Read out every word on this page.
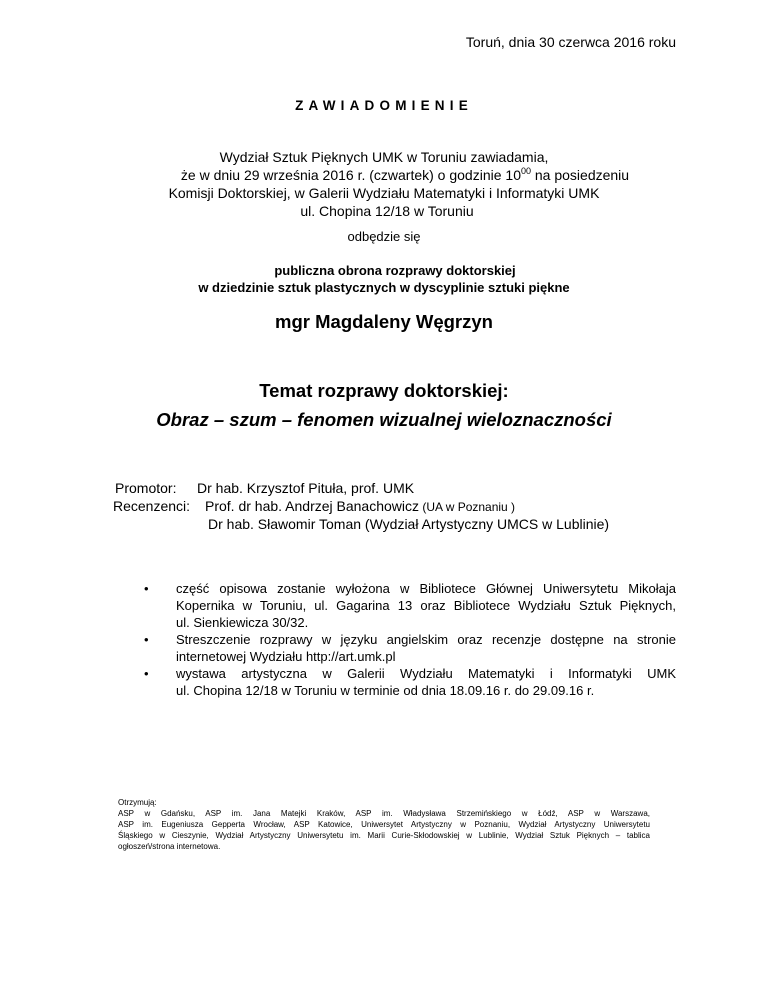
Toruń, dnia 30 czerwca 2016 roku
ZAWIADOMIENIE
Wydział Sztuk Pięknych UMK w Toruniu zawiadamia,
że w dniu 29 września 2016 r. (czwartek) o godzinie $10^{00}$ na posiedzeniu
Komisji Doktorskiej, w Galerii Wydziału Matematyki i Informatyki UMK
ul. Chopina 12/18 w Toruniu
odbędzie się
publiczna obrona rozprawy doktorskiej
w dziedzinie sztuk plastycznych w dyscyplinie sztuki piękne
mgr Magdaleny Węgrzyn
Temat rozprawy doktorskiej:
Obraz – szum – fenomen wizualnej wieloznaczności
Promotor: Dr hab. Krzysztof Pituła, prof. UMK
Recenzenci: Prof. dr hab. Andrzej Banachowicz (UA w Poznaniu )
Dr hab. Sławomir Toman (Wydział Artystyczny UMCS w Lublinie)
• część opisowa zostanie wyłożona w Bibliotece Głównej Uniwersytetu Mikołaja
Kopernika w Toruniu, ul. Gagarina 13 oraz Bibliotece Wydziału Sztuk Pięknych,
ul. Sienkiewicza 30/32.
• Streszczenie rozprawy w języku angielskim oraz recenzje dostępne na stronie
internetowej Wydziału http://art.umk.pl
• wystawa artystyczna w Galerii Wydziału Matematyki i Informatyki UMK
ul. Chopina 12/18 w Toruniu w terminie od dnia 18.09.16 r. do 29.09.16 r.
Otrzymują:
ASP w Gdańsku, ASP im. Jana Matejki Kraków, ASP im. Władysława Strzemińskiego w Łódź, ASP w Warszawa,
ASP im. Eugeniusza Gepperta Wrocław, ASP Katowice, Uniwersytet Artystyczny w Poznaniu, Wydział Artystyczny Uniwersytetu
Śląskiego w Cieszynie, Wydział Artystyczny Uniwersytetu im. Marii Curie-Skłodowskiej w Lublinie, Wydział Sztuk Pięknych – tablica
ogłoszeń/strona internetowa.
